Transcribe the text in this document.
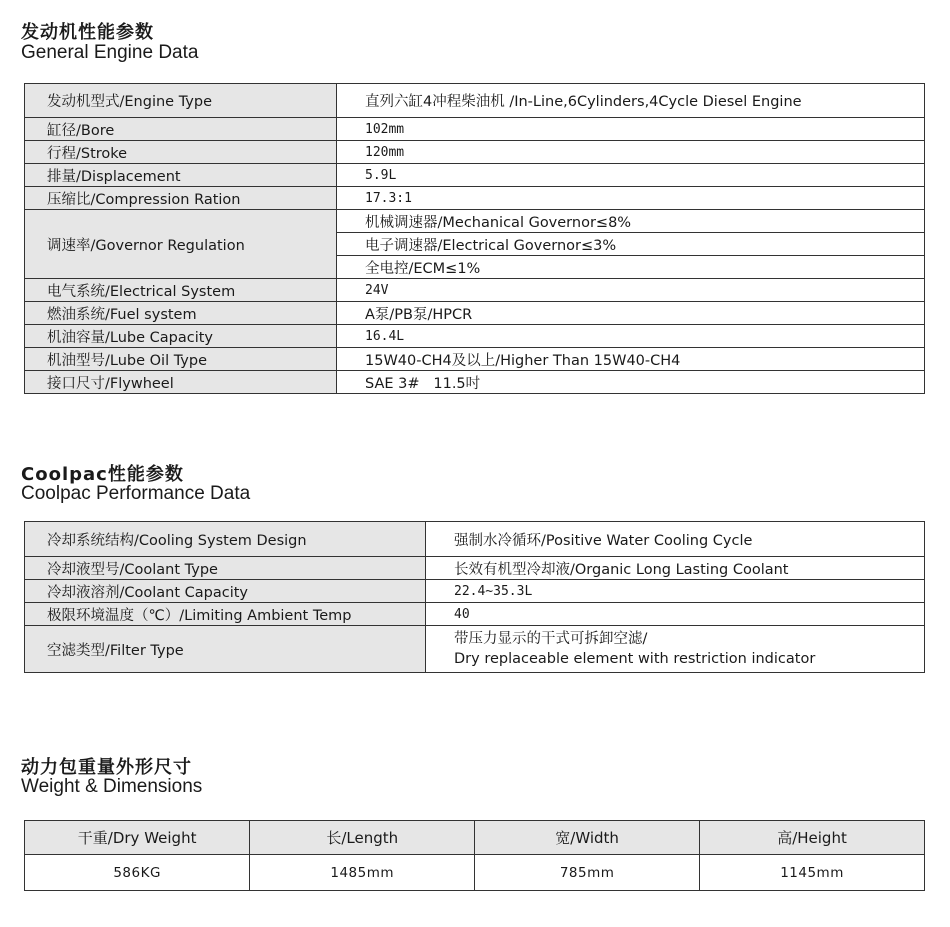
发动机性能参数
General Engine Data
发动机型式/Engine Type	直列六缸4冲程柴油机 /In-Line,6Cylinders,4Cycle Diesel Engine
缸径/Bore	102mm
行程/Stroke	120mm
排量/Displacement	5.9L
压缩比/Compression Ration	17.3:1
调速率/Governor Regulation	机械调速器/Mechanical Governor≤8%
	电子调速器/Electrical Governor≤3%
	全电控/ECM≤1%
电气系统/Electrical System	24V
燃油系统/Fuel system	A泵/PB泵/HPCR
机油容量/Lube Capacity	16.4L
机油型号/Lube Oil Type	15W40-CH4及以上/Higher Than 15W40-CH4
接口尺寸/Flywheel	SAE 3#   11.5吋
Coolpac性能参数
Coolpac Performance Data
冷却系统结构/Cooling System Design	强制水冷循环/Positive Water Cooling Cycle
冷却液型号/Coolant Type	长效有机型冷却液/Organic Long Lasting Coolant
冷却液溶剂/Coolant Capacity	22.4~35.3L
极限环境温度（℃）/Limiting Ambient Temp	40
空滤类型/Filter Type	带压力显示的干式可拆卸空滤/
Dry replaceable element with restriction indicator
动力包重量外形尺寸
Weight & Dimensions
干重/Dry Weight	长/Length	宽/Width	高/Height
586KG	1485mm	785mm	1145mm
